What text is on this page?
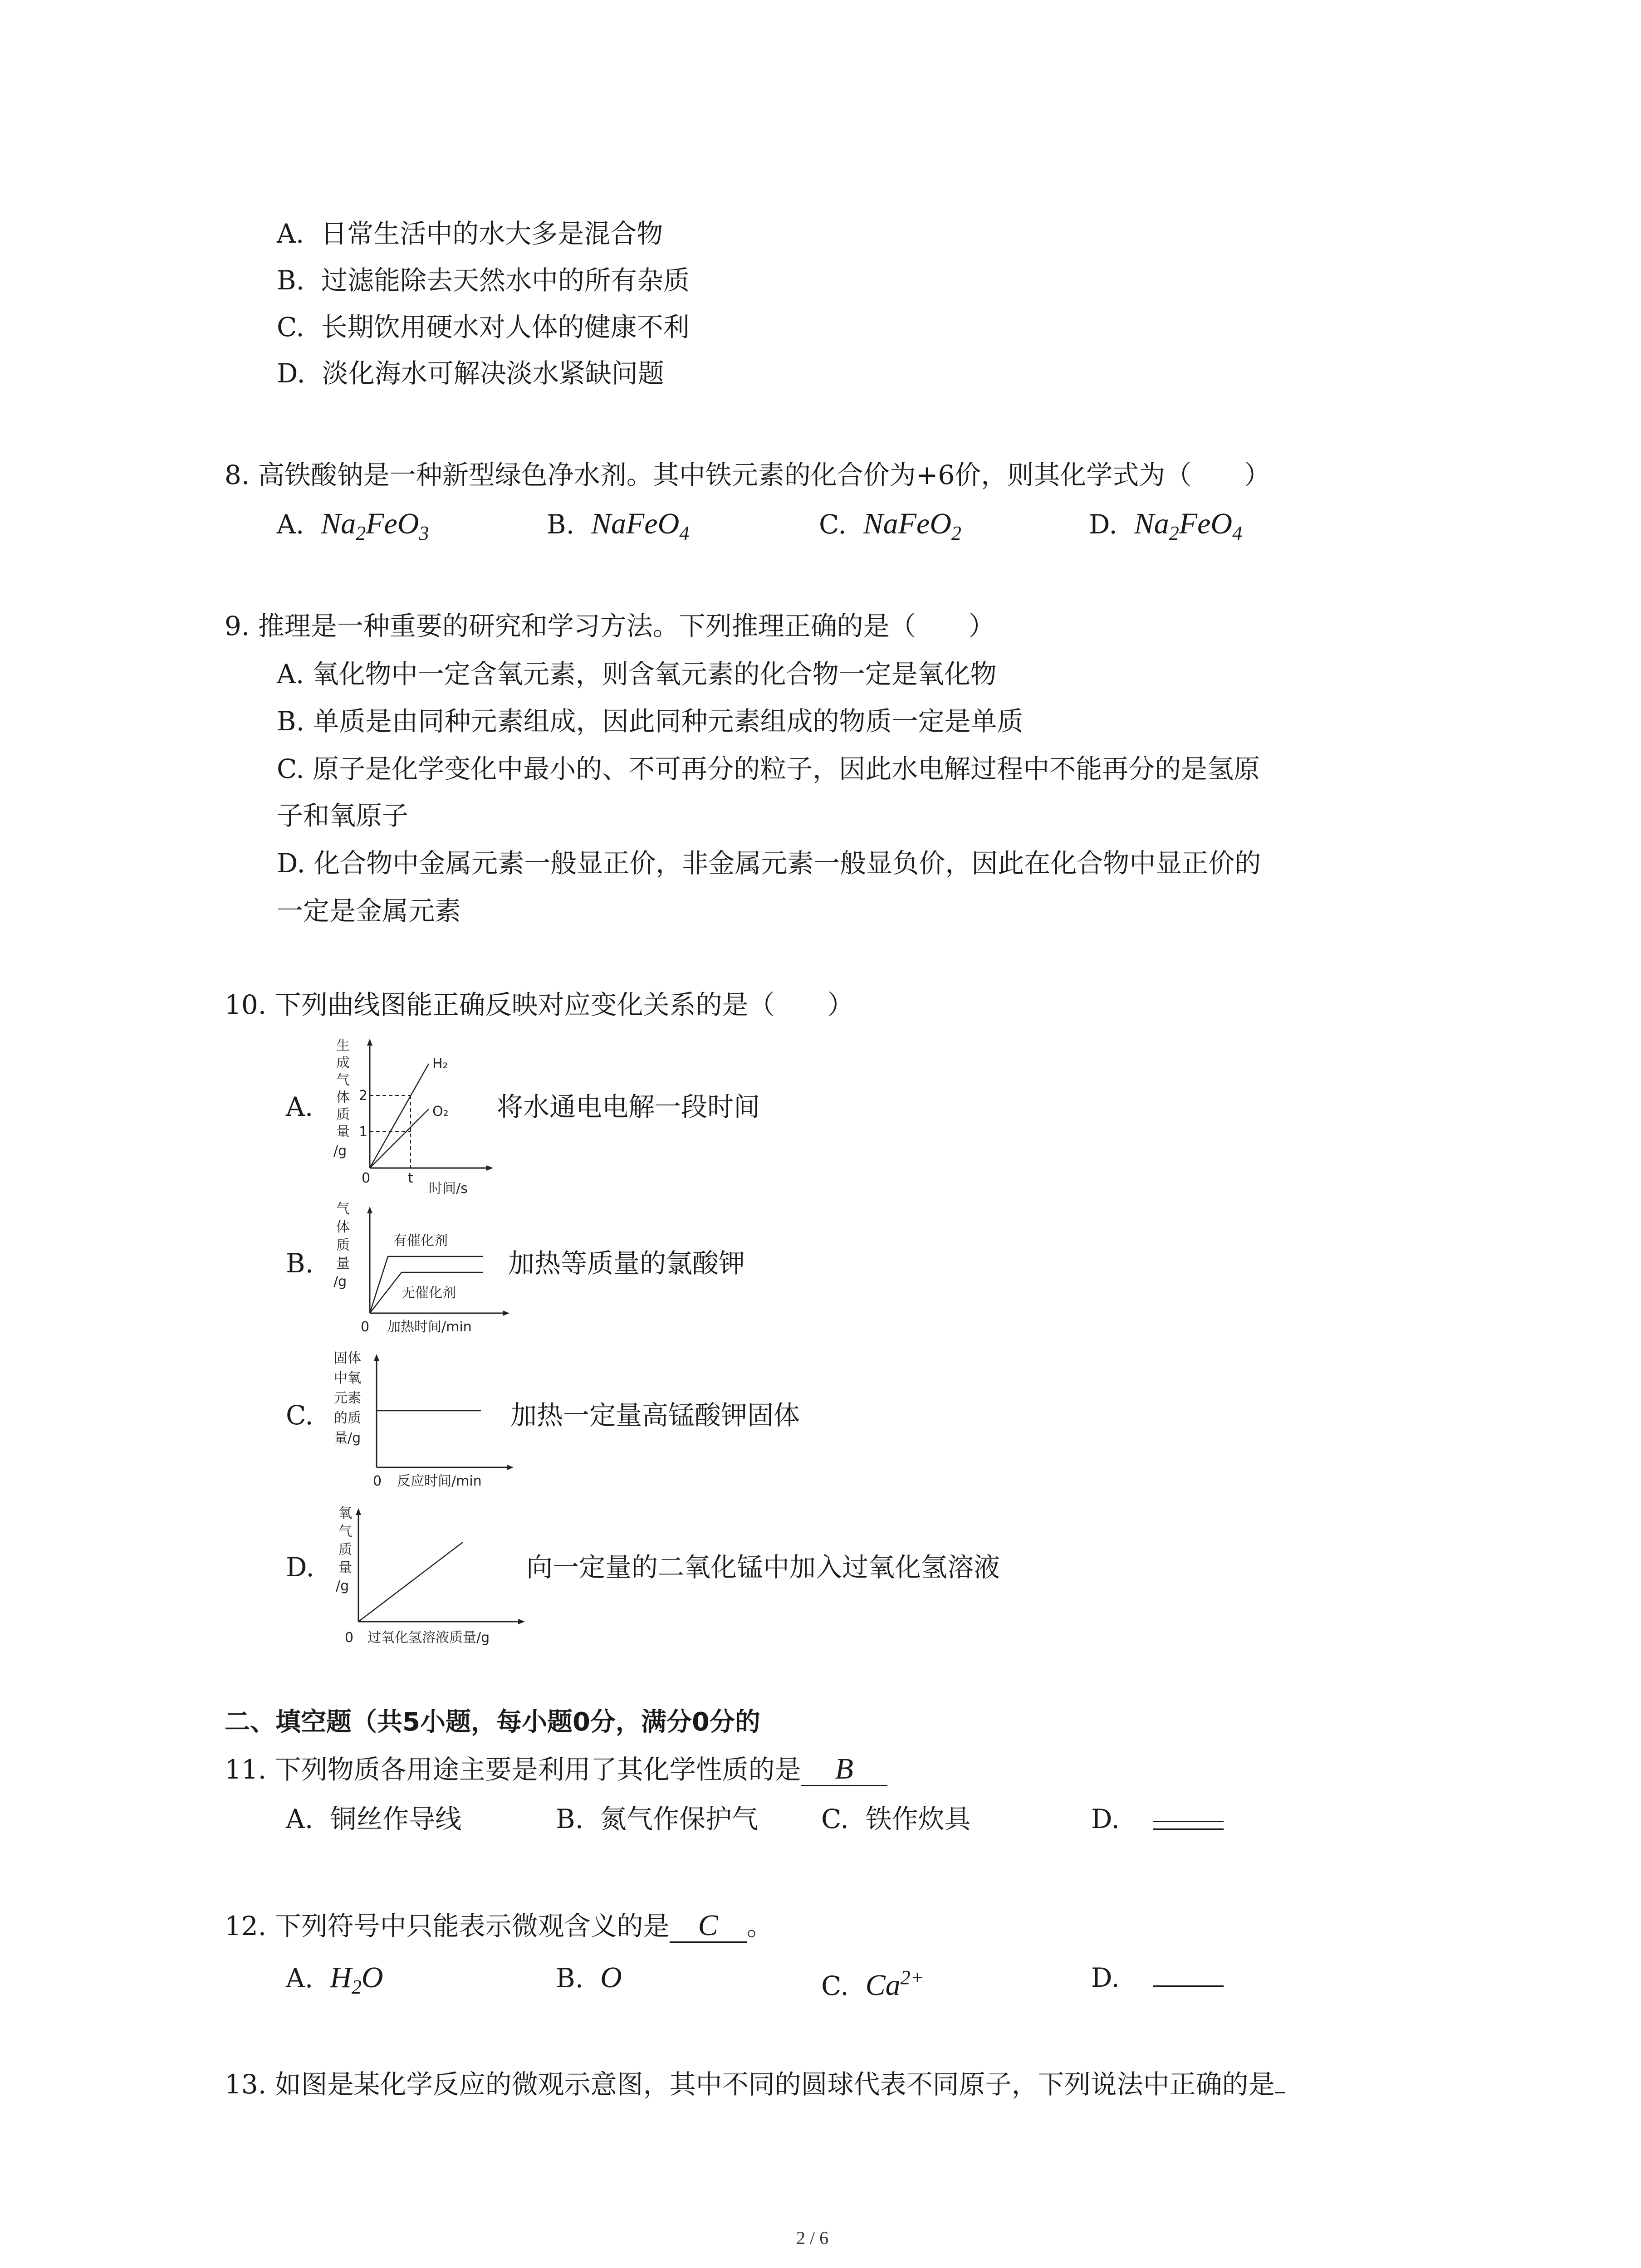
A. 日常生活中的水大多是混合物
B. 过滤能除去天然水中的所有杂质
C. 长期饮用硬水对人体的健康不利
D. 淡化海水可解决淡水紧缺问题
8. 高铁酸钠是一种新型绿色净水剂。其中铁元素的化合价为+6价，则其化学式为（　　）
A. $Na_2FeO_3$	B. NaFeO$_4$	C. NaFeO$_2$	D. $Na_2FeO_4$
9. 推理是一种重要的研究和学习方法。下列推理正确的是（　　）
A. 氧化物中一定含氧元素，则含氧元素的化合物一定是氧化物
B. 单质是由同种元素组成，因此同种元素组成的物质一定是单质
C. 原子是化学变化中最小的、不可再分的粒子，因此水电解过程中不能再分的是氢原
子和氧原子
D. 化合物中金属元素一般显正价，非金属元素一般显负价，因此在化合物中显正价的
一定是金属元素
10. 下列曲线图能正确反映对应变化关系的是（　　）
A.
生
成
气
体
质
量
/g
2
1
t
0
H₂
O₂
时间/s
将水通电电解一段时间
B.
气
体
质
量
/g
有催化剂
无催化剂
0 加热时间/min
加热等质量的氯酸钾
C.
固体
中氧
元素
的质
量/g
0 反应时间/min
加热一定量高锰酸钾固体
D.
氧
气
质
量
/g
0 过氧化氢溶液质量/g
向一定量的二氧化锰中加入过氧化氢溶液
二、填空题（共5小题，每小题0分，满分0分的
11. 下列物质各用途主要是利用了其化学性质的是 B
A. 铜丝作导线	B. 氮气作保护气 C. 铁作炊具	D.
12. 下列符号中只能表示微观含义的是 C 。
A. $H_2O$	B. O	C. $Ca^{2+}$	D.
13. 如图是某化学反应的微观示意图，其中不同的圆球代表不同原子，下列说法中正确的是
2 / 6
